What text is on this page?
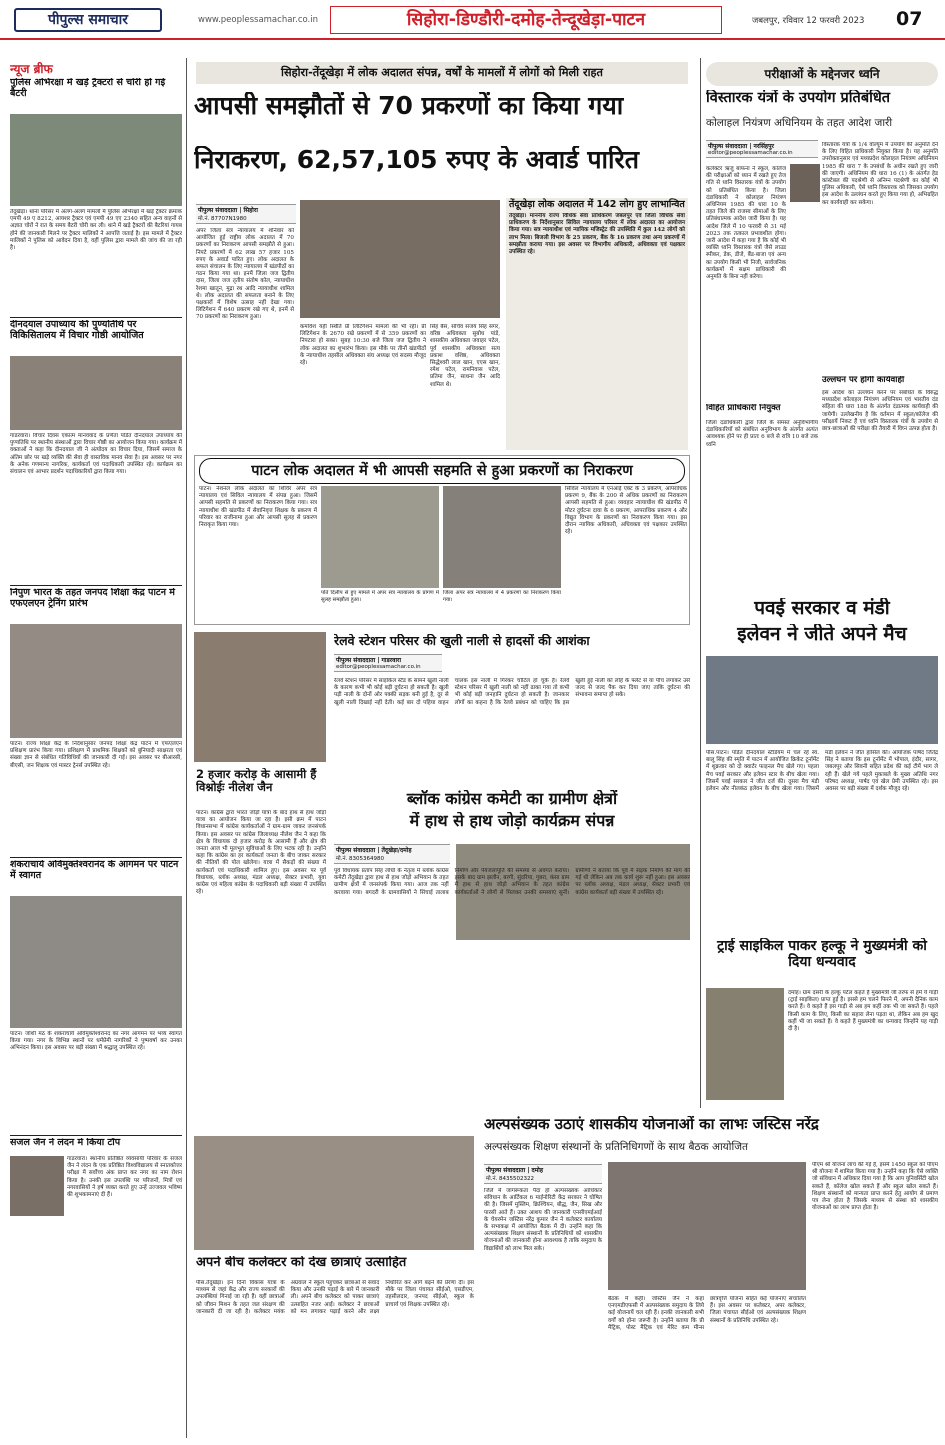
पीपुल्स समाचार	www.peoplessamachar.co.in	सिहोरा-डिण्डौरी-दमोह-तेन्दूखेड़ा-पाटन	जबलपुर, रविवार 12 फरवरी 2023 07
न्यूज ब्रीफ
पुलिस अभिरक्षा में खड़े ट्रैक्टरों से चोरी हो गई बैटरी
तेंदूखेड़ा। थाना परिसर में अलग-अलग मामलों में पुलिस अभिरक्षा में खड़े ट्रैक्टर क्रमांक एमपी 49 ए 8212, आयशर ट्रैक्टर एवं एमपी 49 एए 2340 सहित अन्य वाहनों से अज्ञात चोरों ने रात के समय बैटरी चोरी कर ली। थाने में खड़े ट्रैक्टरों की बैटरियां गायब होने की जानकारी मिलने पर ट्रैक्टर मालिकों ने आपत्ति जताई है। इस मामले में ट्रैक्टर मालिकों ने पुलिस को आवेदन दिया है, वहीं पुलिस द्वारा मामले की जांच की जा रही है।
दीनदयाल उपाध्याय की पुण्यतिथि पर विकिसितालय में विचार गोष्ठी आयोजित
गाडरवारा। विचार दिवस एकात्म मानववाद के प्रणेता पंडित दीनदयाल उपाध्याय की पुण्यतिथि पर स्थानीय संस्थाओं द्वारा विचार गोष्ठी का आयोजन किया गया। कार्यक्रम में वक्ताओं ने कहा कि दीनदयाल जी ने अंत्योदय का विचार दिया, जिसमें समाज के अंतिम छोर पर खड़े व्यक्ति की सेवा ही वास्तविक मानव सेवा है। इस अवसर पर नगर के अनेक गणमान्य नागरिक, कार्यकर्ता एवं पदाधिकारी उपस्थित रहे। कार्यक्रम का संचालन एवं आभार प्रदर्शन पदाधिकारियों द्वारा किया गया।
निपुण भारत के तहत जनपद शिक्षा केंद्र पाटन में एफएलएन ट्रेनिंग प्रारंभ
पाटन। राज्य शिक्षा केंद्र के निर्देशानुसार जनपद शिक्षा केंद्र पाटन में एफएलएन प्रशिक्षण प्रारंभ किया गया। प्रशिक्षण में प्राथमिक शिक्षकों को बुनियादी साक्षरता एवं संख्या ज्ञान से संबंधित गतिविधियों की जानकारी दी गई। इस अवसर पर बीआरसी, बीएसी, जन शिक्षक एवं मास्टर ट्रेनर्स उपस्थित रहे।
शंकराचार्य अविमुक्तेश्वरानंद के आगमन पर पाटन में स्वागत
पाटन। जोशी मठ के शंकराचार्य अविमुक्तेश्वरानंद का नगर आगमन पर भव्य स्वागत किया गया। नगर के विभिन्न स्थानों पर धर्मप्रेमी नागरिकों ने पुष्पवर्षा कर उनका अभिनंदन किया। इस अवसर पर बड़ी संख्या में श्रद्धालु उपस्थित रहे।
सजल जैन ने लंदन में किया टॉप
गाडरवारा। स्थानीय प्रतिष्ठित व्यवसायी परिवार के सजल जैन ने लंदन के एक प्रतिष्ठित विश्वविद्यालय से स्नातकोत्तर परीक्षा में सर्वोच्च अंक प्राप्त कर नगर का नाम रोशन किया है। उनकी इस उपलब्धि पर परिजनों, मित्रों एवं नगरवासियों ने हर्ष व्यक्त करते हुए उन्हें उज्जवल भविष्य की शुभकामनाएं दी हैं।
सिहोरा-तेंदूखेड़ा में लोक अदालत संपन्न, वर्षों के मामलों में लोगों को मिली राहत
आपसी समझौतों से 70 प्रकरणों का किया गया
निराकरण, 62,57,105 रुपए के अवार्ड पारित
पीपुल्स संवाददाता | सिहोरा
मो.नं. 87707N1980
अपर जिला सत्र न्यायालय में शनिवार को आयोजित हुई राष्ट्रीय लोक अदालत में 70 प्रकरणों का निराकरण आपसी समझौते से हुआ। निपटे प्रकरणों में 62 लाख 57 हजार 105 रुपए के अवार्ड पारित हुए। लोक अदालत के सफल संचालन के लिए न्यायालय में खंडपीठों का गठन किया गया था। इनमें जिला जज द्वितीय दास, जिला जज तृतीय संतोष कोल, न्यायाधीश रेशमा खातून, मुद्रा रथ आदि न्यायाधीश शामिल थे। लोक अदालत की सफलता बनाने के लिए पक्षकारों में विशेष उत्साह नहीं देखा गया। लिटिगेशन में 640 प्रकरण रखे गए थे, इनमें से 70 प्रकरणों का निराकरण हुआ।
कमोवेश यही स्थिति प्री लिटिगेशन मामलों की भी रही। प्री लिटिगेशन के 2670 रखे प्रकरणों में से 359 प्रकरणों का निपटारा हो सका। सुबह 10:30 बजे जिला जज द्वितीय ने लोक अदालत का शुभारंभ किया। इस मौके पर तीनों खंडपीठों के न्यायाधीश तहसील अधिवक्ता संघ अध्यक्ष एवं सदस्य मौजूद रहे।
सिंह बैस, सचिव संजय सिंह संगर, वरिष्ठ अधिवक्ता सुबोध पांडे, शासकीय अधिवक्ता जवाहर पटेल, पूर्व शासकीय अधिवक्ता सत्य प्रकाश वशिष्ठ, अधिवक्ता सिद्धेश्वरी लाल खान, एएस खान, रमेश पटेल, रामनिवास पटेल, प्रतिमा जैन, साधना जैन आदि शामिल थे।
तेंदूखेड़ा लोक अदालत में 142 लोग हुए लाभान्वित
तेंदूखेड़ा। माननीय राज्य विधिक सेवा प्राधिकरण जबलपुर एवं जिला विधिक सेवा प्राधिकरण के निर्देशानुसार सिविल न्यायालय परिसर में लोक अदालत का आयोजन किया गया। सत्र न्यायाधीश एवं न्यायिक मजिस्ट्रेट की उपस्थिति में कुल 142 लोगों को लाभ मिला। बिजली विभाग के 25 प्रकरण, बैंक के 16 प्रकरण तथा अन्य प्रकरणों में समझौता कराया गया। इस अवसर पर विभागीय अधिकारी, अधिवक्ता एवं पक्षकार उपस्थित रहे।
पाटन लोक अदालत में भी आपसी सहमति से हुआ प्रकरणों का निराकरण
पाटन। नेशनल लोक अदालत का शिविर अपर सत्र न्यायालय एवं सिविल न्यायालय में संपन्न हुआ। जिसमें आपसी सहमति से प्रकरणों का निराकरण किया गया। सत्र न्यायाधीश की खंडपीठ में सेवानिवृत्त शिक्षक के प्रकरण में परिवार का राजीनामा हुआ और आपसी सुलह से प्रकरण निराकृत किया गया।
पति दिलीप से हुए मामले में अपर सत्र न्यायालय के प्रांगण में सुलह समझौता हुआ।
जिला अपर सत्र न्यायालय में 4 प्रकरणों का निराकरण किया गया।
सिविल न्यायालय में एनआई एक्ट के 3 प्रकरण, आपराधिक प्रकरण 9, बैंक के 200 से अधिक प्रकरणों का निराकरण आपसी सहमति से हुआ। व्यवहार न्यायाधीश की खंडपीठ में मोटर दुर्घटना दावा के 6 प्रकरण, आपराधिक प्रकरण 4 और विद्युत विभाग के प्रकरणों का निराकरण किया गया। इस दौरान न्यायिक अधिकारी, अधिवक्ता एवं पक्षकार उपस्थित रहे।
2 हजार करोड़ के आसामी हैं विश्नोईः नीलेश जैन
पाटन। कांग्रेस द्वारा भारत जोड़ो यात्रा के बाद हाथ से हाथ जोड़ो यात्रा का आयोजन किया जा रहा है। इसी क्रम में पाटन विधानसभा में कांग्रेस कार्यकर्ताओं ने ग्राम-ग्राम जाकर जनसंपर्क किया। इस अवसर पर कांग्रेस जिलाध्यक्ष नीलेश जैन ने कहा कि क्षेत्र के विधायक दो हजार करोड़ के आसामी हैं और क्षेत्र की जनता आज भी मूलभूत सुविधाओं के लिए भटक रही है। उन्होंने कहा कि कांग्रेस का हर कार्यकर्ता जनता के बीच जाकर सरकार की नीतियों की पोल खोलेगा। यात्रा में सैकड़ों की संख्या में कार्यकर्ता एवं पदाधिकारी शामिल हुए। इस अवसर पर पूर्व विधायक, ब्लॉक अध्यक्ष, मंडल अध्यक्ष, सेक्टर प्रभारी, युवा कांग्रेस एवं महिला कांग्रेस के पदाधिकारी बड़ी संख्या में उपस्थित रहे।
रेलवे स्टेशन परिसर की खुली नाली से हादसों की आशंका
पीपुल्स संवाददाता | गाडरवारा
editor@peoplessamachar.co.in
रेलवे स्टेशन परिसर में साइकिल स्टैंड के सामने खुली नाली के कारण कभी भी कोई बड़ी दुर्घटना हो सकती है। खुली पड़ी नाली के दोनों ओर पक्की सड़क बनी हुई है, दूर से खुली नाली दिखाई नहीं देती। कई बार दो पहिया वाहन चालक इस नाली में गिरकर चोटिल हो चुके हैं। रेलवे स्टेशन परिसर में खुली नाली को नहीं ढाका गया तो कभी भी कोई बड़ी जनहानि दुर्घटना हो सकती है। जानकार लोगों का कहना है कि रेलवे प्रबंधन को चाहिए कि इस खुली हुई नाली को लोहे के फ्लेट से या पीच लगाकर उसे जल्द से जल्द पैक कर दिया जाए ताकि दुर्घटना की संभावना समाप्त हो सके।
ब्लॉक कांग्रेस कमेटी का ग्रामीण क्षेत्रों
में हाथ से हाथ जोड़ो कार्यक्रम संपन्न
पीपुल्स संवाददाता | तेंदूखेड़ा/दमोह
मो.नं. 8305364980
पूर्व विधायक प्रताप सिंह लोधी के नेतृत्व में ब्लॉक कांग्रेस कमेटी तेंदूखेड़ा द्वारा हाथ से हाथ जोड़ो अभियान के तहत ग्रामीण क्षेत्रों में जनसंपर्क किया गया। आज तक नहीं करवाया गया। बगदरी के ग्रामवासियों ने सिंचाई तालाब निर्माण और पेयजलापूर्ति की समस्या से अवगत कराया। इसके बाद ग्राम झलौन, बरगी, सुंदरिया, गुबरा, कंसा ग्राम में हाथ से हाथ जोड़ो अभियान के तहत कांग्रेस कार्यकर्ताओं ने लोगों से मिलकर उनकी समस्याएं सुनीं। ग्रामीणों ने बताया कि पूर्व में सड़क निर्माण की मांग की गई थी लेकिन अब तक कार्य शुरू नहीं हुआ। इस अवसर पर ब्लॉक अध्यक्ष, मंडल अध्यक्ष, सेक्टर प्रभारी एवं कांग्रेस कार्यकर्ता बड़ी संख्या में उपस्थित रहे।
अपने बीच कलेक्टर को देख छात्राएं उत्साहित
पीसं.तेंदूखेड़ा। इन दिनों विकास यात्रा के माध्यम से जहां केंद्र और राज्य सरकारों की उपलब्धियां गिनाई जा रही हैं। वहीं छात्राओं को जीवन मिशन के तहत जल संरक्षण की जानकारी दी जा रही है। कलेक्टर मयंक अग्रवाल ने स्कूल पहुंचकर छात्राओं से संवाद किया और उनकी पढ़ाई के बारे में जानकारी ली। अपने बीच कलेक्टर को पाकर छात्राएं उत्साहित नजर आईं। कलेक्टर ने छात्राओं को मन लगाकर पढ़ाई करने और लक्ष्य निर्धारित कर आगे बढ़ने की प्रेरणा दी। इस मौके पर जिला पंचायत सीईओ, एसडीएम, तहसीलदार, जनपद सीईओ, स्कूल के प्राचार्य एवं शिक्षक उपस्थित रहे।
अल्पसंख्यक उठाएं शासकीय योजनाओं का लाभः जस्टिस नरेंद्र
अल्पसंख्यक शिक्षण संस्थानों के प्रतिनिधिगणों के साथ बैठक आयोजित
पीपुल्स संवाददाता | दमोह
मो.नं. 8435502322
जिले में जागरूकता पैदा हो अल्पसंख्यक आधिकार संविधान के आर्टिकल 6 माईनोरिटी केंद्र सरकार ने घोषित की है। जिसमें मुस्लिम, क्रिश्चियन, बौद्ध, जैन, सिख और पारसी आते हैं। उक्त आशय की जानकारी एनसीएमईआई के चेयरमेन जस्टिस नरेंद्र कुमार जैन ने कलेक्टर कार्यालय के सभाकक्ष में आयोजित बैठक में दी। उन्होंने कहा कि अल्पसंख्यक शिक्षण संस्थानों के प्रतिनिधियों को शासकीय योजनाओं की जानकारी होना आवश्यक है ताकि समुदाय के विद्यार्थियों को लाभ मिल सके।
बैठक में कही। जस्टिस जैन ने कहा एनएमडीएफसी में अल्पसंख्यक समुदाय के लिये कई योजनायें चल रही हैं। इनकी जानकारी सभी वर्गों को होना जरूरी है। उन्होंने बताया कि प्री मैट्रिक, पोस्ट मैट्रिक एवं मेरिट कम मीन्स छात्रवृत्ति योजना सहित कई योजनाएं संचालित हैं। इस अवसर पर कलेक्टर, अपर कलेक्टर, जिला पंचायत सीईओ एवं अल्पसंख्यक शिक्षण संस्थानों के प्रतिनिधि उपस्थित रहे।
पीएम श्री योजना लांच की गई है, इसमें 1450 स्कूल को पीएम श्री योजना में शामिल किया गया है। उन्होंने कहा कि ऐसे व्यक्ति जो संविधान में अधिकार दिया गया है कि आप युनिवर्सिटी खोल सकते हैं, कॉलेज खोल सकते हैं और स्कूल खोल सकते हैं। शिक्षण संस्थानों को मान्यता प्राप्त करने हेतु आयोग से प्रमाण पत्र लेना होता है जिसके माध्यम से संस्था को शासकीय योजनाओं का लाभ प्राप्त होता है।
परीक्षाओं के मद्देनजर ध्वनि
विस्तारक यंत्रों के उपयोग प्रतिबंधित
कोलाहल नियंत्रण अधिनियम के तहत आदेश जारी
पीपुल्स संवाददाता | नरसिंहपुर
editor@peoplessamachar.co.in
कलेक्टर ऋजु बाफना ने स्कूल, कॉलेज की परीक्षाओं को ध्यान में रखते हुए तेज गति से ध्वनि विस्तारक यंत्रों के उपयोग को प्रतिबंधित किया है। जिला दंडाधिकारी ने कोलाहल नियंत्रण अधिनियम 1985 की धारा 10 के तहत जिले की राजस्व सीमाओं के लिए प्रतिबंधात्मक आदेश जारी किया है। यह आदेश जिले में 10 फरवरी से 31 मई 2023 तक तत्काल प्रभावशील होगा। जारी आदेश में कहा गया है कि कोई भी व्यक्ति ध्वनि विस्तारक यंत्रों जैसे लाउड स्पीकर, डेक, डीजे, बैंड-बाजा एवं अन्य का उपयोग किसी भी निजी, सार्वजनिक कार्यक्रमों में सक्षम प्राधिकारी की अनुमति के बिना नहीं करेगा।
विहित प्राधिकारी नियुक्त
जिला दंडाधिकारी द्वारा जिले के समस्त अनुविभागीय दंडाधिकारियों को संबंधित अनुविभाग के अंतर्गत अत्यंत आवश्यक होने पर ही प्रातः 6 बजे से रात्रि 10 बजे तक ध्वनि
विस्तारक यंत्रों के 1/4 वॉल्यूम में उपयोग की अनुमति देने के लिए विहित प्राधिकारी नियुक्त किया है। यह अनुमति उपरोक्तानुसार एवं मध्यप्रदेश कोलाहल नियंत्रण अधिनियम 1985 की धारा 7 के उपबंधों के अधीन रखते हुए जारी की जाएगी। अधिनियम की धारा 16 (1) के अंतर्गत हेड कांस्टेबल की पदश्रेणी से अनिम्न पदश्रेणी का कोई भी पुलिस अधिकारी, ऐसे ध्वनि विस्तारक को जिसका उपयोग इस आदेश के उल्लंघन करते हुए किया गया हो, अभिग्रहित कर कार्यवाही कर सकेगा।
उल्लंघन पर होगी कार्यवाही
इस आदेश का उल्लंघन करने पर संबंधित के विरुद्ध मध्यप्रदेश कोलाहल नियंत्रण अधिनियम एवं भारतीय दंड संहिता की धारा 188 के अंतर्गत दंडात्मक कार्यवाही की जायेगी। उल्लेखनीय है कि वर्तमान में स्कूल/कॉलेज की परीक्षायें निकट हैं एवं ध्वनि विस्तारक यंत्रों के उपयोग से छात्र-छात्राओं की परीक्षा की तैयारी में विघ्न उत्पन्न होता है।
पवई सरकार व मंडी
इलेवन ने जीते अपने मैच
पीसं.पाटन। पंडित दीनदयाल स्टेडियम में चल रहे स्व. बालू सिंह की स्मृति में पाटन में आयोजित क्रिकेट टूर्नामेंट में शुक्रवार को दो क्वार्टर फाइनल मैच खेले गए। पहला मैच पवई सरकार और इलेवन स्टार के बीच खेला गया। जिसमें पवई सरकार ने जीत दर्ज की। दूसरा मैच मंडी इलेवन और नीलकंठ इलेवन के बीच खेला गया। जिसमें मंडी इलेवन ने जीत हासिल की। आयोजक पार्षद जितेंद्र सिंह ने बताया कि इस टूर्नामेंट में भोपाल, इंदौर, सागर, जबलपुर और सिवनी सहित प्रदेश की कई टीमें भाग ले रही हैं। खेले गये पहले मुकाबले के मुख्य अतिथि नगर परिषद अध्यक्ष, पार्षद एवं खेल प्रेमी उपस्थित रहे। इस अवसर पर बड़ी संख्या में दर्शक मौजूद रहे।
ट्राई साइकिल पाकर हल्कू ने मुख्यमंत्री को दिया धन्यवाद
दमोह। ग्राम दसरी के हल्कू पटेल कहते हैं मुख्यमंत्री जी तरफ से हमें ये गाड़ी (ट्राई साइकिल) प्राप्त हुई है। इससे हम चलने फिरने में, अपनी दैनिक काम करते हैं। वे कहते हैं इस गाड़ी से अब हम कहीं तक भी जा सकते हैं। पहले किसी काम के लिए, किसी का सहारा लेना पड़ता था, लेकिन अब हम खुद कहीं भी जा सकते हैं। वे कहते हैं मुख्यमंत्री का धन्यवाद जिन्होंने यह गाड़ी दी है।
